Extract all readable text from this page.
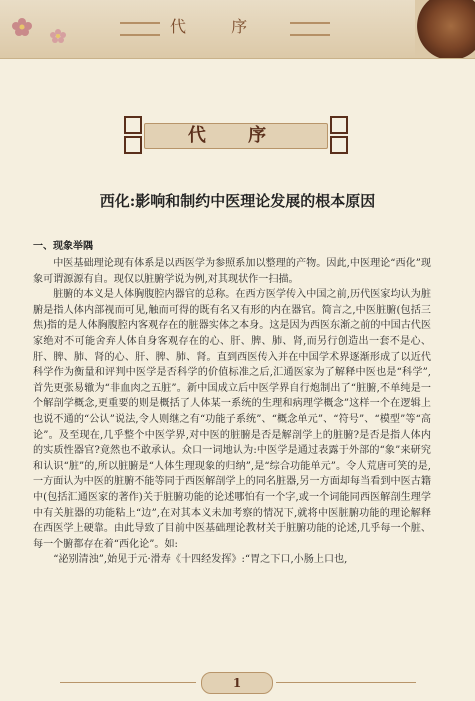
代 序
代 序
西化:影响和制约中医理论发展的根本原因
一、现象举隅

中医基础理论现有体系是以西医学为参照系加以整理的产物。因此,中医理论“西化”现象可谓源源有自。现仅以脏腑学说为例,对其现状作一扫描。

脏腑的本义是人体胸腹腔内器官的总称。在西方医学传入中国之前,历代医家均认为脏腑是指人体内部视而可见,触而可得的既有名又有形的内在器官。简言之,中医脏腑(包括三焦)指的是人体胸腹腔内客观存在的脏器实体之本身。这是因为西医东渐之前的中国古代医家绝对不可能舍弃人体自身客观存在的心、肝、脾、肺、肾,而另行创造出一套不是心、肝、脾、肺、肾的心、肝、脾、肺、肾。直到西医传入并在中国学术界逐渐形成了以近代科学作为衡量和评判中医学是否科学的价值标准之后,汇通医家为了解释中医也是“科学”,首先更张易辙为“非血肉之五脏”。新中国成立后中医学界自行炮制出了“脏腑,不单纯是一个解剖学概念,更重要的则是概括了人体某一系统的生理和病理学概念”这样一个在逻辑上也说不通的“公认”说法,令人则继之有“功能子系统”、“概念单元”、“符号”、“模型”等“高论”。及至现在,几乎整个中医学界,对中医的脏腑是否是解剖学上的脏腑?是否是指人体内的实质性器官?竟然也不敢承认。众口一词地认为:中医学是通过表露于外部的“象”来研究和认识“脏”的,所以脏腑是“人体生理现象的归纳”,是“综合功能单元”。令人荒唐可笑的是,一方面认为中医的脏腑不能等同于西医解剖学上的同名脏器,另一方面却每当看到中医古籍中(包括汇通医家的著作)关于脏腑功能的论述哪怕有一个字,或一个词能同西医解剖生理学中有关脏器的功能粘上“边”,在对其本义未加考察的情况下,就将中医脏腑功能的理论解释在西医学上硬靠。由此导致了目前中医基础理论教材关于脏腑功能的论述,几乎每一个脏、每一个腑都存在着“西化论”。如:

“泌别清浊”,始见于元·滑寿《十四经发挥》:“胃之下口,小肠上口也,

1
